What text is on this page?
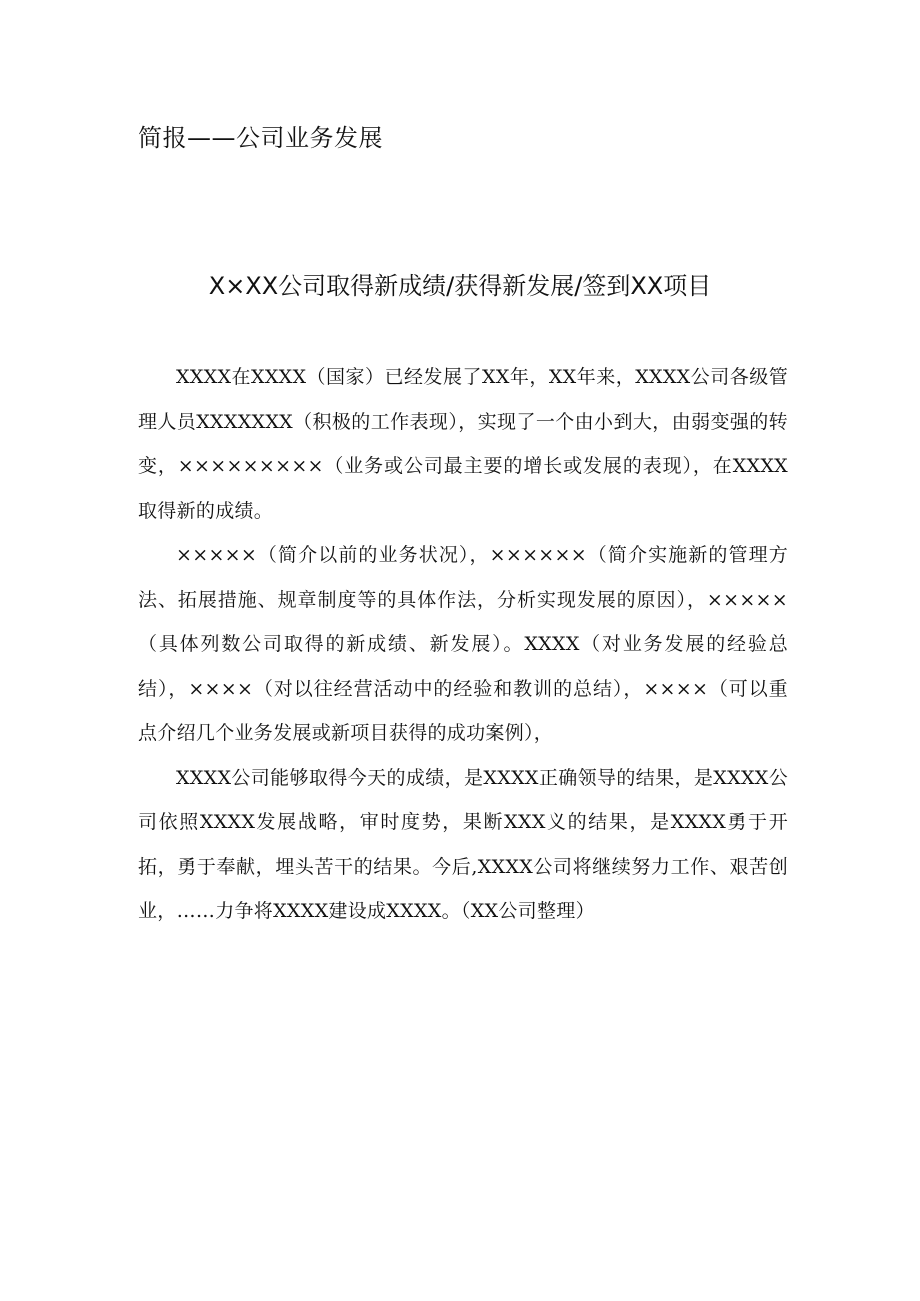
简报——公司业务发展
X×XX公司取得新成绩/获得新发展/签到XX项目

XXXX在XXXX（国家）已经发展了XX年，XX年来，XXXX公司各级管理人员XXXXXXX（积极的工作表现），实现了一个由小到大，由弱变强的转变，×××××××××（业务或公司最主要的增长或发展的表现），在XXXX取得新的成绩。

×××××（简介以前的业务状况），××××××（简介实施新的管理方法、拓展措施、规章制度等的具体作法，分析实现发展的原因），×××××（具体列数公司取得的新成绩、新发展）。XXXX（对业务发展的经验总结），××××（对以往经营活动中的经验和教训的总结），××××（可以重点介绍几个业务发展或新项目获得的成功案例），

XXXX公司能够取得今天的成绩，是XXXX正确领导的结果，是XXXX公司依照XXXX发展战略，审时度势，果断XXX义的结果，是XXXX勇于开拓，勇于奉献，埋头苦干的结果。今后,XXXX公司将继续努力工作、艰苦创业，……力争将XXXX建设成XXXX。（XX公司整理）
